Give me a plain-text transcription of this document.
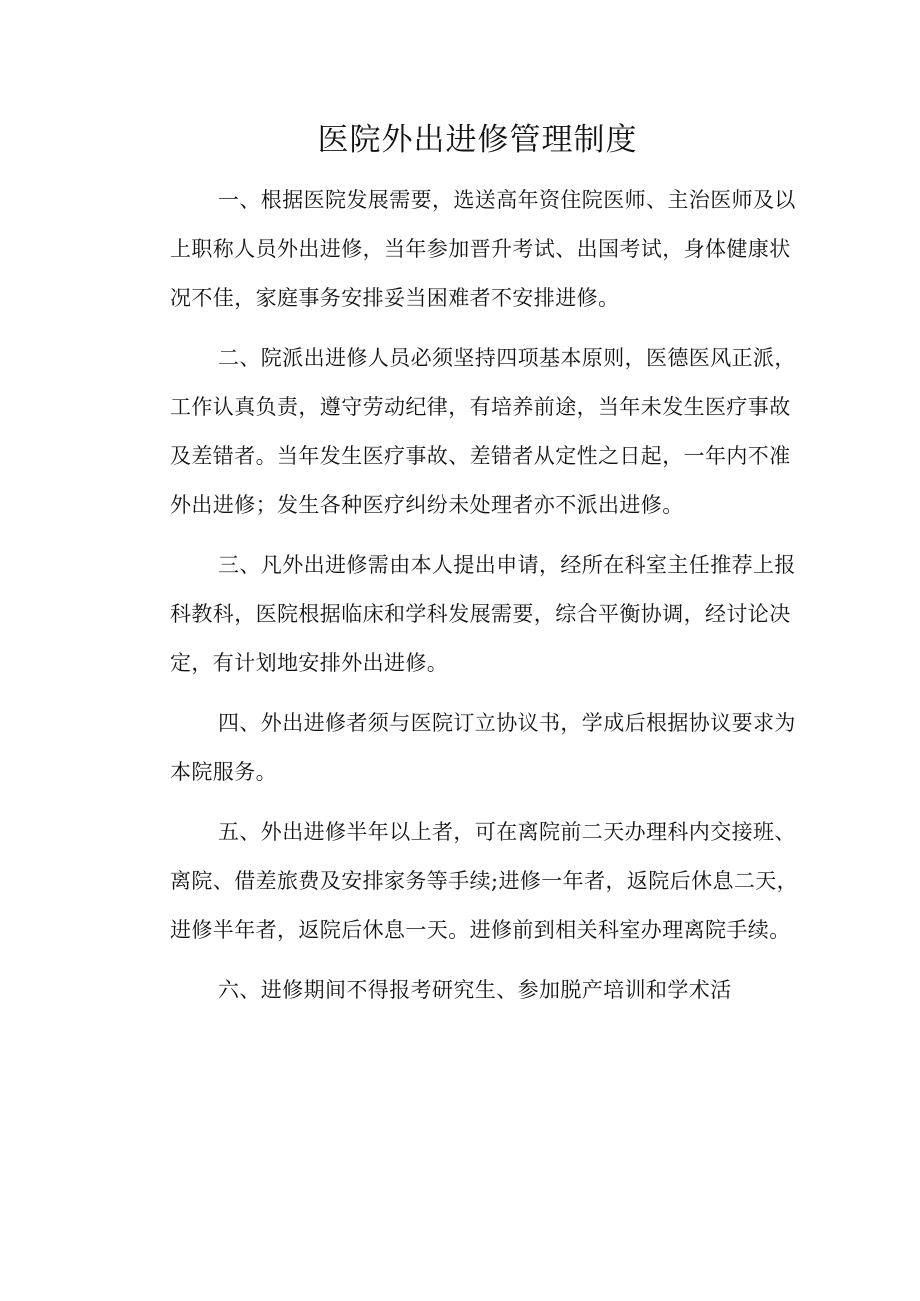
医院外出进修管理制度

一、根据医院发展需要，选送高年资住院医师、主治医师及以上职称人员外出进修，当年参加晋升考试、出国考试，身体健康状况不佳，家庭事务安排妥当困难者不安排进修。

二、院派出进修人员必须坚持四项基本原则，医德医风正派，工作认真负责，遵守劳动纪律，有培养前途，当年未发生医疗事故及差错者。当年发生医疗事故、差错者从定性之日起，一年内不准外出进修；发生各种医疗纠纷未处理者亦不派出进修。

三、凡外出进修需由本人提出申请，经所在科室主任推荐上报科教科，医院根据临床和学科发展需要，综合平衡协调，经讨论决定，有计划地安排外出进修。

四、外出进修者须与医院订立协议书，学成后根据协议要求为本院服务。

五、外出进修半年以上者，可在离院前二天办理科内交接班、离院、借差旅费及安排家务等手续;进修一年者，返院后休息二天，进修半年者，返院后休息一天。进修前到相关科室办理离院手续。

六、进修期间不得报考研究生、参加脱产培训和学术活
